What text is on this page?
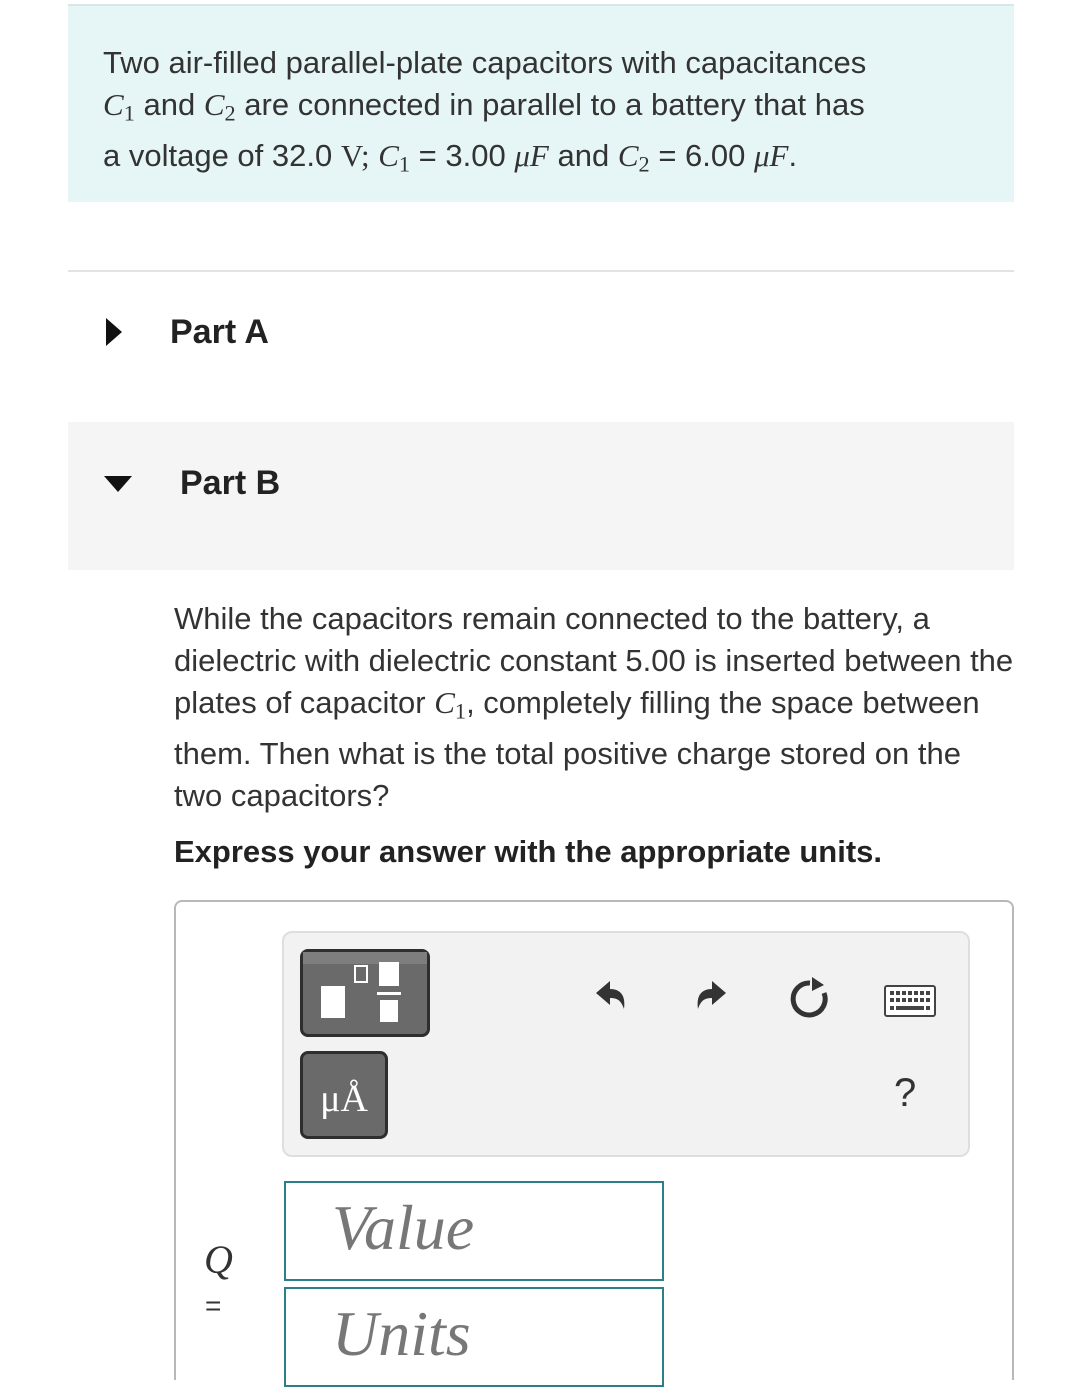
Two air-filled parallel-plate capacitors with capacitances
$C_1$ and $C_2$ are connected in parallel to a battery that has
a voltage of 32.0 V; $C_1 = 3.00$ μF and $C_2 = 6.00$ μF.
Part A
Part B
While the capacitors remain connected to the battery, a dielectric with dielectric constant 5.00 is inserted between the plates of capacitor $C_1$, completely filling the space between them. Then what is the total positive charge stored on the two capacitors?
Express your answer with the appropriate units.
μÅ	?
Q
=
Value
Units
